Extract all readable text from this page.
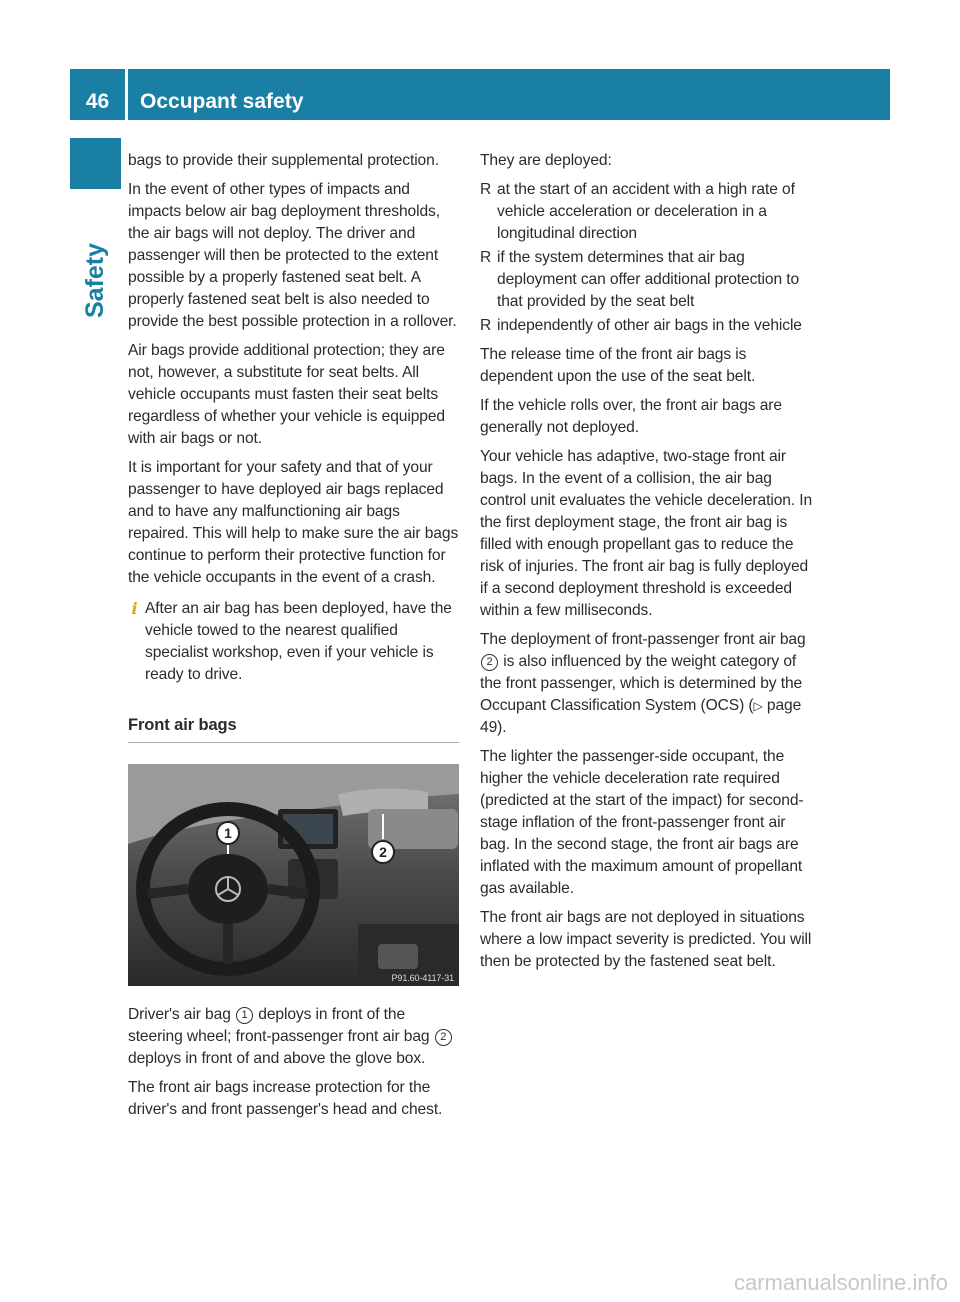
46	Occupant safety
Safety

bags to provide their supplemental protection.

In the event of other types of impacts and impacts below air bag deployment thresholds, the air bags will not deploy. The driver and passenger will then be protected to the extent possible by a properly fastened seat belt. A properly fastened seat belt is also needed to provide the best possible protection in a rollover.

Air bags provide additional protection; they are not, however, a substitute for seat belts. All vehicle occupants must fasten their seat belts regardless of whether your vehicle is equipped with air bags or not.

It is important for your safety and that of your passenger to have deployed air bags replaced and to have any malfunctioning air bags repaired. This will help to make sure the air bags continue to perform their protective function for the vehicle occupants in the event of a crash.

i After an air bag has been deployed, have the vehicle towed to the nearest qualified specialist workshop, even if your vehicle is ready to drive.
Front air bags
1
2
P91.60-4117-31

Driver's air bag 1 deploys in front of the steering wheel; front-passenger front air bag 2 deploys in front of and above the glove box.

The front air bags increase protection for the driver's and front passenger's head and chest.

They are deployed:

R at the start of an accident with a high rate of vehicle acceleration or deceleration in a longitudinal direction
R if the system determines that air bag deployment can offer additional protection to that provided by the seat belt
R independently of other air bags in the vehicle

The release time of the front air bags is dependent upon the use of the seat belt.

If the vehicle rolls over, the front air bags are generally not deployed.

Your vehicle has adaptive, two-stage front air bags. In the event of a collision, the air bag control unit evaluates the vehicle deceleration. In the first deployment stage, the front air bag is filled with enough propellant gas to reduce the risk of injuries. The front air bag is fully deployed if a second deployment threshold is exceeded within a few milliseconds.

The deployment of front-passenger front air bag 2 is also influenced by the weight category of the front passenger, which is determined by the Occupant Classification System (OCS) (▷ page 49).

The lighter the passenger-side occupant, the higher the vehicle deceleration rate required (predicted at the start of the impact) for second-stage inflation of the front-passenger front air bag. In the second stage, the front air bags are inflated with the maximum amount of propellant gas available.

The front air bags are not deployed in situations where a low impact severity is predicted. You will then be protected by the fastened seat belt.

carmanualsonline.info
